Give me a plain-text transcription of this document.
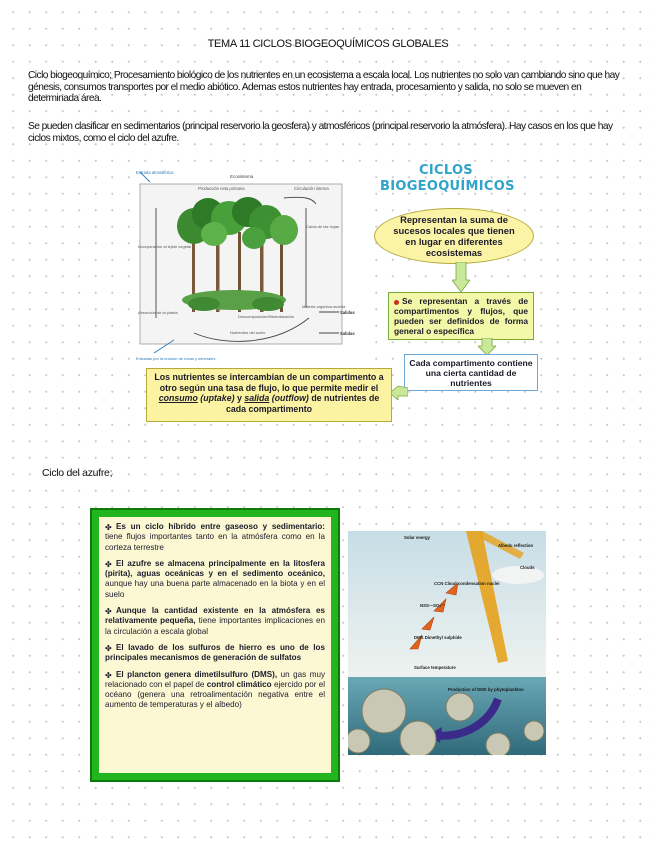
TEMA 11 CICLOS BIOGEOQUÍMICOS GLOBALES
Ciclo biogeoquímico; Procesamiento biológico de los nutrientes en un ecosistema a escala local. Los nutrientes no solo van cambiando sino que hay génesis, consumos transportes por el medio abiótico. Ademas estos nutrientes hay entrada, procesamiento y salida, no solo se mueven en determinada área.
Se pueden clasificar en sedimentarios (principal reservorio la geosfera) y atmosféricos (principal reservorio la atmósfera). Hay casos en los que hay ciclos mixtos, como el ciclo del azufre.
Entrada atmosférica
Ecosistema
Producción neta primaria	Circulación interna
Incorporación al tejido vegetal
Caída de las hojas
Absorción de la planta
Materia orgánica muerta
Descomposición/Mineralización
Nutrientes del suelo
Salidas
Salidas
Entradas por la erosión de rocas y minerales
CICLOS
BIOGEOQUÍMICOS
Representan la suma de sucesos locales que tienen en lugar en diferentes ecosistemas
Se representan a través de compartimentos y flujos, que pueden ser definidos de forma general o específica
Cada compartimento contiene una cierta cantidad de nutrientes
Los nutrientes se intercambian de un compartimento a otro según una tasa de flujo, lo que permite medir el consumo (uptake) y salida (outflow) de nutrientes de cada compartimento
Ciclo del azufre;

✤ Es un ciclo híbrido entre gaseoso y sedimentario: tiene flujos importantes tanto en la atmósfera como en la corteza terrestre

✤ El azufre se almacena principalmente en la litosfera (pirita), aguas oceánicas y en el sedimento oceánico, aunque hay una buena parte almacenado en la biota y en el suelo

✤ Aunque la cantidad existente en la atmósfera es relativamente pequeña, tiene importantes implicaciones en la circulación a escala global

✤ El lavado de los sulfuros de hierro es uno de los principales mecanismos de generación de sulfatos

✤ El plancton genera dimetilsulfuro (DMS), un gas muy relacionado con el papel de control climático ejercido por el océano (genera una retroalimentación negativa entre el aumento de temperaturas y el albedo)

Solar energy
Albedo reflection
Clouds
CCN Cloud condensation nuclei
NSS—SO₄²⁻
DMS Dimethyl sulphide
Surface temperature
Production of DMS by phytoplankton
